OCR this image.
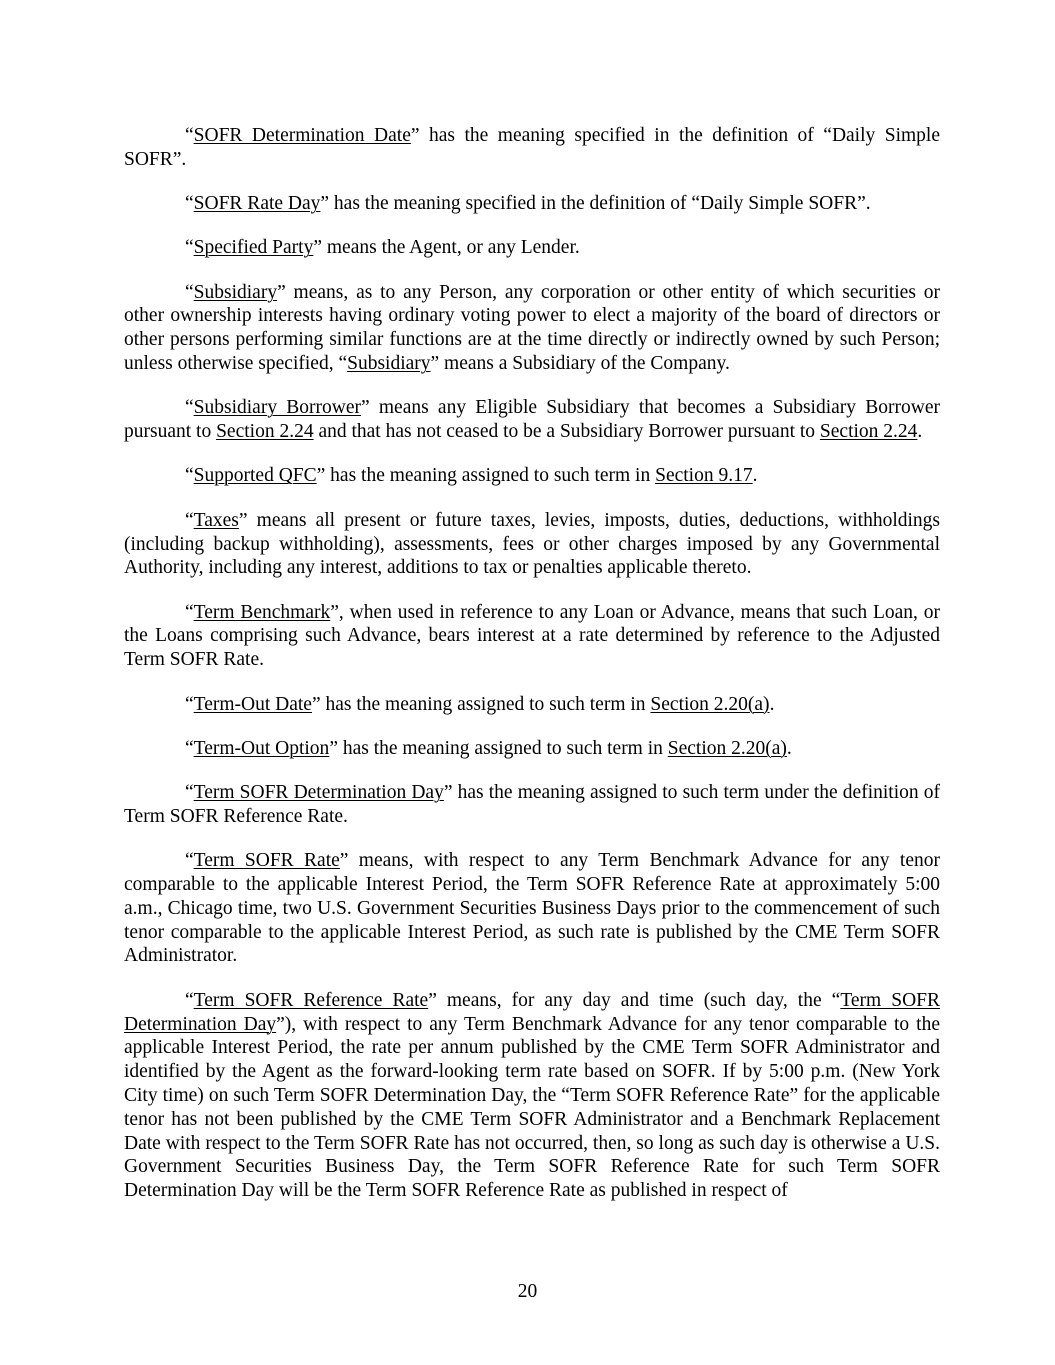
“SOFR Determination Date” has the meaning specified in the definition of “Daily Simple SOFR”.

“SOFR Rate Day” has the meaning specified in the definition of “Daily Simple SOFR”.

“Specified Party” means the Agent, or any Lender.

“Subsidiary” means, as to any Person, any corporation or other entity of which securities or other ownership interests having ordinary voting power to elect a majority of the board of directors or other persons performing similar functions are at the time directly or indirectly owned by such Person; unless otherwise specified, “Subsidiary” means a Subsidiary of the Company.

“Subsidiary Borrower” means any Eligible Subsidiary that becomes a Subsidiary Borrower pursuant to Section 2.24 and that has not ceased to be a Subsidiary Borrower pursuant to Section 2.24.

“Supported QFC” has the meaning assigned to such term in Section 9.17.

“Taxes” means all present or future taxes, levies, imposts, duties, deductions, withholdings (including backup withholding), assessments, fees or other charges imposed by any Governmental Authority, including any interest, additions to tax or penalties applicable thereto.

“Term Benchmark”, when used in reference to any Loan or Advance, means that such Loan, or the Loans comprising such Advance, bears interest at a rate determined by reference to the Adjusted Term SOFR Rate.

“Term-Out Date” has the meaning assigned to such term in Section 2.20(a).

“Term-Out Option” has the meaning assigned to such term in Section 2.20(a).

“Term SOFR Determination Day” has the meaning assigned to such term under the definition of Term SOFR Reference Rate.

“Term SOFR Rate” means, with respect to any Term Benchmark Advance for any tenor comparable to the applicable Interest Period, the Term SOFR Reference Rate at approximately 5:00 a.m., Chicago time, two U.S. Government Securities Business Days prior to the commencement of such tenor comparable to the applicable Interest Period, as such rate is published by the CME Term SOFR Administrator.

“Term SOFR Reference Rate” means, for any day and time (such day, the “Term SOFR Determination Day”), with respect to any Term Benchmark Advance for any tenor comparable to the applicable Interest Period, the rate per annum published by the CME Term SOFR Administrator and identified by the Agent as the forward-looking term rate based on SOFR. If by 5:00 p.m. (New York City time) on such Term SOFR Determination Day, the “Term SOFR Reference Rate” for the applicable tenor has not been published by the CME Term SOFR Administrator and a Benchmark Replacement Date with respect to the Term SOFR Rate has not occurred, then, so long as such day is otherwise a U.S. Government Securities Business Day, the Term SOFR Reference Rate for such Term SOFR Determination Day will be the Term SOFR Reference Rate as published in respect of

20
